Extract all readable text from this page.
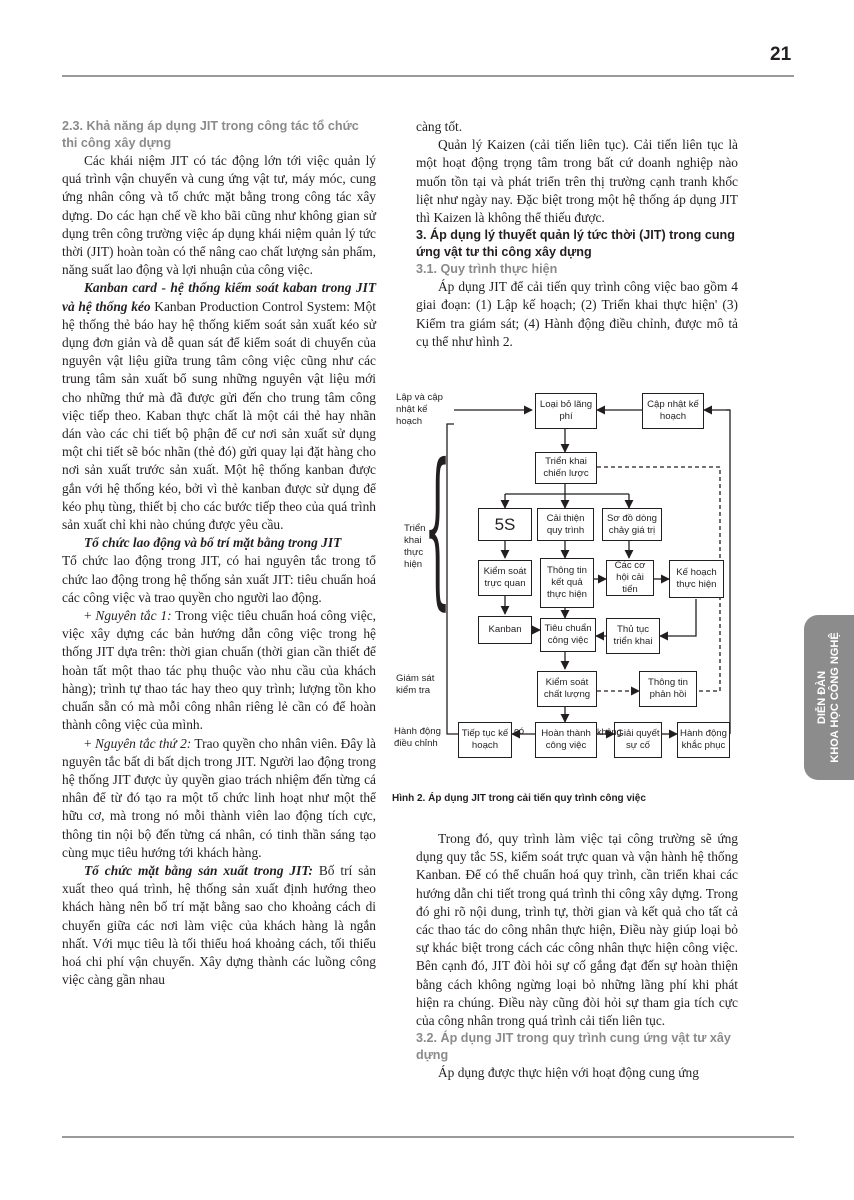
21

2.3. Khả năng áp dụng JIT trong công tác tổ chức thi công xây dựng

Các khái niệm JIT có tác động lớn tới việc quản lý quá trình vận chuyển và cung ứng vật tư, máy móc, cung ứng nhân công và tổ chức mặt bằng trong công tác xây dựng. Do các hạn chế về kho bãi cũng như không gian sử dụng trên công trường việc áp dụng khái niệm quản lý tức thời (JIT) hoàn toàn có thể nâng cao chất lượng sản phẩm, năng suất lao động và lợi nhuận của công việc.

Kanban card - hệ thống kiểm soát kaban trong JIT và hệ thống kéo Kanban Production Control System: Một hệ thống thẻ báo hay hệ thống kiểm soát sản xuất kéo sử dụng đơn giản và dễ quan sát để kiểm soát di chuyển của nguyên vật liệu giữa trung tâm công việc cũng như các trung tâm sản xuất bổ sung những nguyên vật liệu mới cho những thứ mà đã được gửi đến cho trung tâm công việc tiếp theo. Kaban thực chất là một cái thẻ hay nhãn dán vào các chi tiết bộ phận để cư nơi sản xuất sử dụng một chi tiết sẽ bóc nhãn (thẻ đó) gửi quay lại đặt hàng cho nơi sản xuất trước sản xuất. Một hệ thống kanban được gắn với hệ thống kéo, bởi vì thẻ kanban được sử dụng để kéo phụ tùng, thiết bị cho các bước tiếp theo của quá trình sản xuất chỉ khi nào chúng được yêu cầu.

Tổ chức lao động và bố trí mặt bằng trong JIT

Tổ chức lao động trong JIT, có hai nguyên tắc trong tổ chức lao động trong hệ thống sản xuất JIT: tiêu chuẩn hoá các công việc và trao quyền cho người lao động.

+ Nguyên tắc 1: Trong việc tiêu chuẩn hoá công việc, việc xây dựng các bản hướng dẫn công việc trong hệ thống JIT dựa trên: thời gian chuẩn (thời gian cần thiết để hoàn tất một thao tác phụ thuộc vào nhu cầu của khách hàng); trình tự thao tác hay theo quy trình; lượng tồn kho chuẩn sẵn có mà mỗi công nhân riêng lẻ cần có để hoàn thành công việc của mình.

+ Nguyên tắc thứ 2: Trao quyền cho nhân viên. Đây là nguyên tắc bất di bất dịch trong JIT. Người lao động trong hệ thống JIT được ủy quyền giao trách nhiệm đến từng cá nhân để từ đó tạo ra một tổ chức linh hoạt như một thể hữu cơ, mà trong nó mỗi thành viên lao động tích cực, thông tin nội bộ đến từng cá nhân, có tinh thần sáng tạo cùng mục tiêu hướng tới khách hàng.

Tổ chức mặt bằng sản xuất trong JIT: Bố trí sản xuất theo quá trình, hệ thống sản xuất định hướng theo khách hàng nên bố trí mặt bằng sao cho khoảng cách di chuyển giữa các nơi làm việc của khách hàng là ngắn nhất. Với mục tiêu là tối thiểu hoá khoảng cách, tối thiểu hoá chi phí vận chuyển. Xây dựng thành các luồng công việc càng gần nhau

càng tốt.

Quản lý Kaizen (cải tiến liên tục). Cải tiến liên tục là một hoạt động trọng tâm trong bất cứ doanh nghiệp nào muốn tồn tại và phát triển trên thị trường cạnh tranh khốc liệt như ngày nay. Đặc biệt trong một hệ thống áp dụng JIT thì Kaizen là không thể thiếu được.

3. Áp dụng lý thuyết quản lý tức thời (JIT) trong cung ứng vật tư thi công xây dựng

3.1. Quy trình thực hiện

Áp dụng JIT để cải tiến quy trình công việc bao gồm 4 giai đoạn: (1) Lập kế hoạch; (2) Triển khai thực hiện' (3) Kiểm tra giám sát; (4) Hành động điều chỉnh, được mô tả cụ thể như hình 2.

Lập và cập nhật kế hoạch
{
Triển khai thực hiện
Giám sát kiểm tra
Hành động điều chỉnh
Loại bỏ lãng phí
Cập nhật kế hoạch
Triển khai chiến lược
5S	Cải thiện quy trình
Sơ đồ dòng chảy giá trị
Kiểm soát trực quan
Thông tin kết quả thực hiện
Các cơ hội cải tiến
Kế hoạch thực hiện
Kanban	Tiêu chuẩn công việc
Thủ tục triển khai
Kiểm soát chất lượng
Thông tin phản hồi
Tiếp tục kế hoạch
Hoàn thành công việc
Giải quyết sự cố
Hành động khắc phục
có	không
Hình 2. Áp dụng JIT trong cải tiến quy trình công việc

Trong đó, quy trình làm việc tại công trường sẽ ứng dụng quy tắc 5S, kiểm soát trực quan và vận hành hệ thống Kanban. Để có thể chuẩn hoá quy trình, cần triển khai các hướng dẫn chi tiết trong quá trình thi công xây dựng. Trong đó ghi rõ nội dung, trình tự, thời gian và kết quả cho tất cả các thao tác do công nhân thực hiện, Điều này giúp loại bỏ sự khác biệt trong cách các công nhân thực hiện công việc. Bên cạnh đó, JIT đòi hỏi sự cố gắng đạt đến sự hoàn thiện bằng cách không ngừng loại bỏ những lãng phí khi phát hiện ra chúng. Điều này cũng đòi hỏi sự tham gia tích cực của công nhân trong quá trình cải tiến liên tục.

3.2. Áp dụng JIT trong quy trình cung ứng vật tư xây dựng

Áp dụng được thực hiện với hoạt động cung ứng

DIỄN ĐÀN KHOA HỌC CÔNG NGHỆ
